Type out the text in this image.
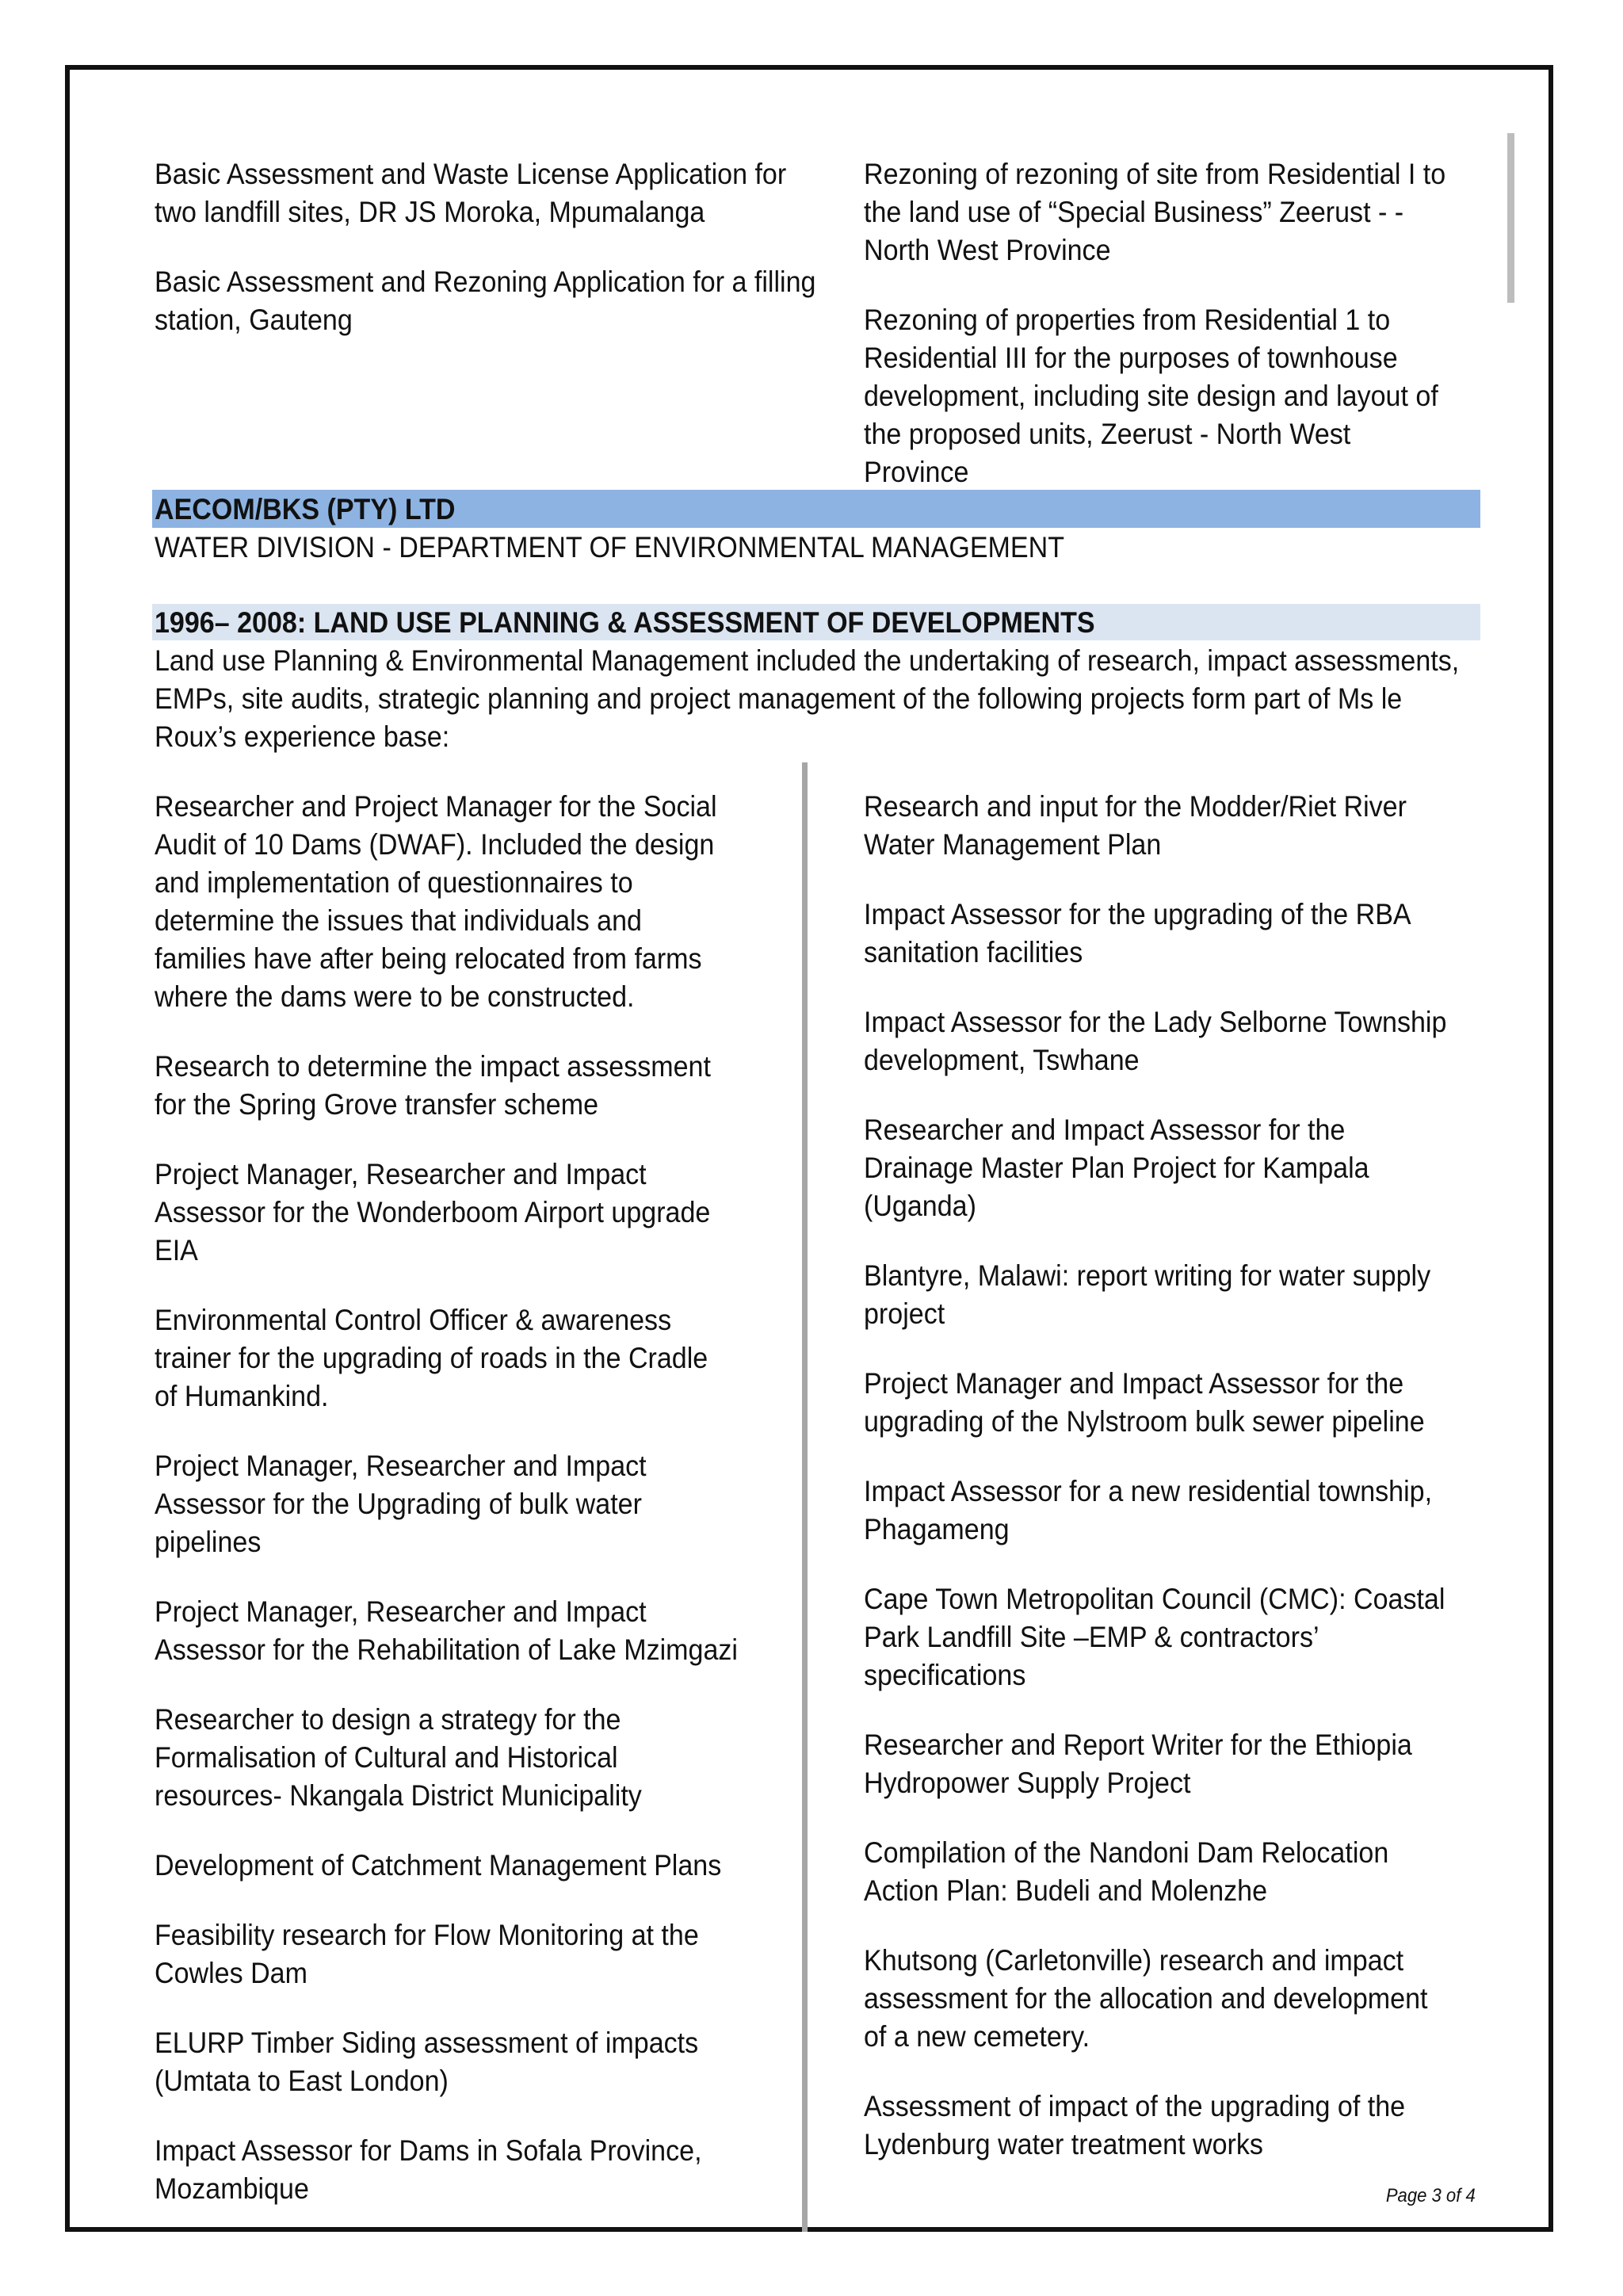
Basic Assessment and Waste License Application for two landfill sites, DR JS Moroka, Mpumalanga
Basic Assessment and Rezoning Application for a filling station, Gauteng
Rezoning of rezoning of site from Residential I to the land use of “Special Business” Zeerust - - North West Province
Rezoning of properties from Residential 1 to Residential III for the purposes of townhouse development, including site design and layout of the proposed units, Zeerust - North West Province
AECOM/BKS (PTY) LTD
WATER DIVISION - DEPARTMENT OF ENVIRONMENTAL MANAGEMENT
1996– 2008: LAND USE PLANNING & ASSESSMENT OF DEVELOPMENTS
Land use Planning & Environmental Management included the undertaking of research, impact assessments, EMPs, site audits, strategic planning and project management of the following projects form part of Ms le Roux’s experience base:
Researcher and Project Manager for the Social Audit of 10 Dams (DWAF). Included the design and implementation of questionnaires to determine the issues that individuals and families have after being relocated from farms where the dams were to be constructed.
Research to determine the impact assessment for the Spring Grove transfer scheme
Project Manager, Researcher and Impact Assessor for the Wonderboom Airport upgrade EIA
Environmental Control Officer & awareness trainer for the upgrading of roads in the Cradle of Humankind.
Project Manager, Researcher and Impact Assessor for the Upgrading of bulk water pipelines
Project Manager, Researcher and Impact Assessor for the Rehabilitation of Lake Mzimgazi
Researcher to design a strategy for the Formalisation of Cultural and Historical resources- Nkangala District Municipality
Development of Catchment Management Plans
Feasibility research for Flow Monitoring at the Cowles Dam
ELURP Timber Siding assessment of impacts (Umtata to East London)
Impact Assessor for Dams in Sofala Province, Mozambique
Research and input for the Modder/Riet River Water Management Plan
Impact Assessor for the upgrading of the RBA sanitation facilities
Impact Assessor for the Lady Selborne Township development, Tswhane
Researcher and Impact Assessor for the Drainage Master Plan Project for Kampala (Uganda)
Blantyre, Malawi: report writing for water supply project
Project Manager and Impact Assessor for the upgrading of the Nylstroom bulk sewer pipeline
Impact Assessor for a new residential township, Phagameng
Cape Town Metropolitan Council (CMC): Coastal Park Landfill Site –EMP & contractors’ specifications
Researcher and Report Writer for the Ethiopia Hydropower Supply Project
Compilation of the Nandoni Dam Relocation Action Plan: Budeli and Molenzhe
Khutsong (Carletonville) research and impact assessment for the allocation and development of a new cemetery.
Assessment of impact of the upgrading of the Lydenburg water treatment works
Page 3 of 4
